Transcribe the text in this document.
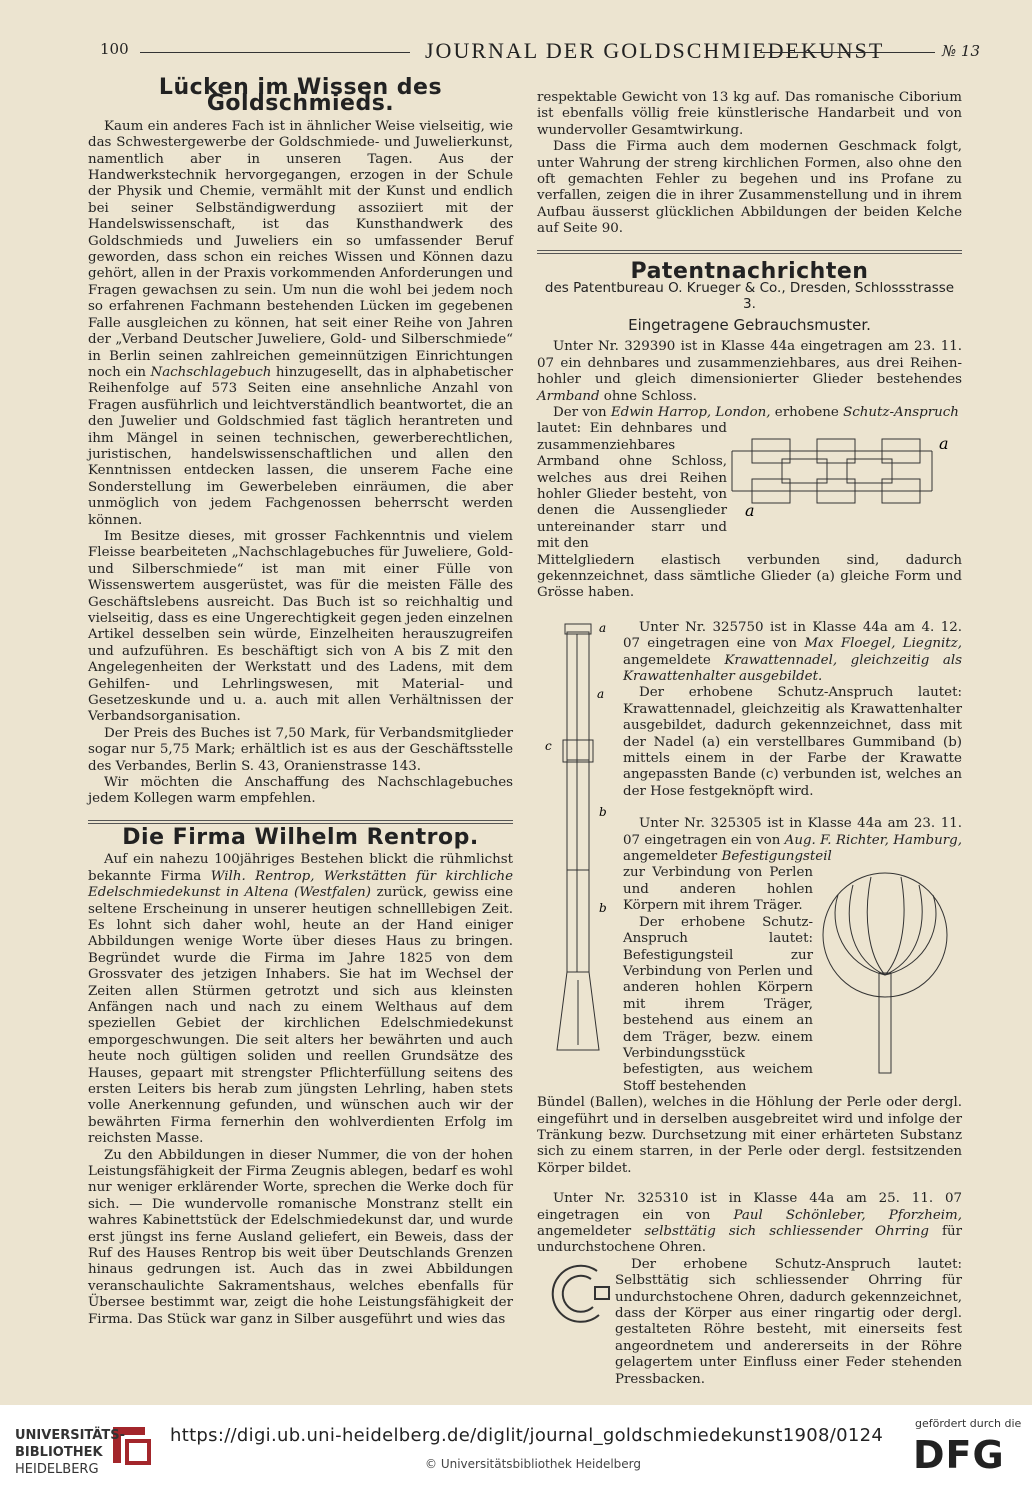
100	JOURNAL DER GOLDSCHMIEDEKUNST	№ 13
Lücken im Wissen des Goldschmieds.

Kaum ein anderes Fach ist in ähnlicher Weise vielseitig, wie das Schwestergewerbe der Goldschmiede- und Juwelierkunst, namentlich aber in unseren Tagen. Aus der Handwerkstechnik hervorgegangen, erzogen in der Schule der Physik und Chemie, vermählt mit der Kunst und endlich bei seiner Selbständigwerdung assoziiert mit der Handelswissenschaft, ist das Kunsthandwerk des Goldschmieds und Juweliers ein so umfassender Beruf geworden, dass schon ein reiches Wissen und Können dazu gehört, allen in der Praxis vorkommenden Anforderungen und Fragen gewachsen zu sein. Um nun die wohl bei jedem noch so erfahrenen Fachmann bestehenden Lücken im gegebenen Falle ausgleichen zu können, hat seit einer Reihe von Jahren der „Verband Deutscher Juweliere, Gold- und Silberschmiede“ in Berlin seinen zahlreichen gemeinnützigen Einrichtungen noch ein Nachschlagebuch hinzugesellt, das in alphabetischer Reihenfolge auf 573 Seiten eine ansehnliche Anzahl von Fragen ausführlich und leichtverständlich beantwortet, die an den Juwelier und Goldschmied fast täglich herantreten und ihm Mängel in seinen technischen, gewerberechtlichen, juristischen, handelswissenschaftlichen und allen den Kenntnissen entdecken lassen, die unserem Fache eine Sonderstellung im Gewerbeleben einräumen, die aber unmöglich von jedem Fachgenossen beherrscht werden können.

Im Besitze dieses, mit grosser Fachkenntnis und vielem Fleisse bearbeiteten „Nachschlagebuches für Juweliere, Gold- und Silberschmiede“ ist man mit einer Fülle von Wissenswertem ausgerüstet, was für die meisten Fälle des Geschäftslebens ausreicht. Das Buch ist so reichhaltig und vielseitig, dass es eine Ungerechtigkeit gegen jeden einzelnen Artikel desselben sein würde, Einzelheiten herauszugreifen und aufzuführen. Es beschäftigt sich von A bis Z mit den Angelegenheiten der Werkstatt und des Ladens, mit dem Gehilfen- und Lehrlingswesen, mit Material- und Gesetzeskunde und u. a. auch mit allen Verhältnissen der Verbandsorganisation.

Der Preis des Buches ist 7,50 Mark, für Verbandsmitglieder sogar nur 5,75 Mark; erhältlich ist es aus der Geschäftsstelle des Verbandes, Berlin S. 43, Oranienstrasse 143.

Wir möchten die Anschaffung des Nachschlagebuches jedem Kollegen warm empfehlen.

Die Firma Wilhelm Rentrop.

Auf ein nahezu 100jähriges Bestehen blickt die rühmlichst bekannte Firma Wilh. Rentrop, Werkstätten für kirchliche Edelschmiedekunst in Altena (Westfalen) zurück, gewiss eine seltene Erscheinung in unserer heutigen schnelllebigen Zeit. Es lohnt sich daher wohl, heute an der Hand einiger Abbildungen wenige Worte über dieses Haus zu bringen. Begründet wurde die Firma im Jahre 1825 von dem Grossvater des jetzigen Inhabers. Sie hat im Wechsel der Zeiten allen Stürmen getrotzt und sich aus kleinsten Anfängen nach und nach zu einem Welthaus auf dem speziellen Gebiet der kirchlichen Edelschmiedekunst emporgeschwungen. Die seit alters her bewährten und auch heute noch gültigen soliden und reellen Grundsätze des Hauses, gepaart mit strengster Pflichterfüllung seitens des ersten Leiters bis herab zum jüngsten Lehrling, haben stets volle Anerkennung gefunden, und wünschen auch wir der bewährten Firma fernerhin den wohlverdienten Erfolg im reichsten Masse.

Zu den Abbildungen in dieser Nummer, die von der hohen Leistungsfähigkeit der Firma Zeugnis ablegen, bedarf es wohl nur weniger erklärender Worte, sprechen die Werke doch für sich. — Die wundervolle romanische Monstranz stellt ein wahres Kabinettstück der Edelschmiedekunst dar, und wurde erst jüngst ins ferne Ausland geliefert, ein Beweis, dass der Ruf des Hauses Rentrop bis weit über Deutschlands Grenzen hinaus gedrungen ist. Auch das in zwei Abbildungen veranschaulichte Sakramentshaus, welches ebenfalls für Übersee bestimmt war, zeigt die hohe Leistungsfähigkeit der Firma. Das Stück war ganz in Silber ausgeführt und wies das

respektable Gewicht von 13 kg auf. Das romanische Ciborium ist ebenfalls völlig freie künstlerische Handarbeit und von wundervoller Gesamtwirkung.

Dass die Firma auch dem modernen Geschmack folgt, unter Wahrung der streng kirchlichen Formen, also ohne den oft gemachten Fehler zu begehen und ins Profane zu verfallen, zeigen die in ihrer Zusammenstellung und in ihrem Aufbau äusserst glücklichen Abbildungen der beiden Kelche auf Seite 90.

Patentnachrichten
des Patentbureau O. Krueger & Co., Dresden, Schlossstrasse 3.
Eingetragene Gebrauchsmuster.

Unter Nr. 329390 ist in Klasse 44a eingetragen am 23. 11. 07 ein dehnbares und zusammenziehbares, aus drei Reihen-hohler und gleich dimensionierter Glieder bestehendes Armband ohne Schloss.

Der von Edwin Harrop, London, erhobene Schutz-Anspruch

lautet: Ein dehnbares und zusammenziehbares Armband ohne Schloss, welches aus drei Reihen hohler Glieder besteht, von denen die Aussenglieder untereinander starr und mit den

a
a

Mittelgliedern elastisch verbunden sind, dadurch gekennzeichnet, dass sämtliche Glieder (a) gleiche Form und Grösse haben.

a
a
c
b
b

Unter Nr. 325750 ist in Klasse 44a am 4. 12. 07 eingetragen eine von Max Floegel, Liegnitz, angemeldete Krawattennadel, gleichzeitig als Krawattenhalter ausgebildet.

Der erhobene Schutz-Anspruch lautet: Krawattennadel, gleichzeitig als Krawattenhalter ausgebildet, dadurch gekennzeichnet, dass mit der Nadel (a) ein verstellbares Gummiband (b) mittels einem in der Farbe der Krawatte angepassten Bande (c) verbunden ist, welches an der Hose festgeknöpft wird.

Unter Nr. 325305 ist in Klasse 44a am 23. 11. 07 eingetragen ein von Aug. F. Richter, Hamburg, angemeldeter Befestigungsteil

zur Verbindung von Perlen und anderen hohlen Körpern mit ihrem Träger.

Der erhobene Schutz-Anspruch lautet: Befestigungsteil zur Verbindung von Perlen und anderen hohlen Körpern mit ihrem Träger, bestehend aus einem an dem Träger, bezw. einem Verbindungsstück befestigten, aus weichem Stoff bestehenden

Bündel (Ballen), welches in die Höhlung der Perle oder dergl. eingeführt und in derselben ausgebreitet wird und infolge der Tränkung bezw. Durchsetzung mit einer erhärteten Substanz sich zu einem starren, in der Perle oder dergl. festsitzenden Körper bildet.

Unter Nr. 325310 ist in Klasse 44a am 25. 11. 07 eingetragen ein von Paul Schönleber, Pforzheim, angemeldeter selbsttätig sich schliessender Ohrring für undurchstochene Ohren.

Der erhobene Schutz-Anspruch lautet: Selbsttätig sich schliessender Ohrring für undurchstochene Ohren, dadurch gekennzeichnet, dass der Körper aus einer ringartig oder dergl. gestalteten Röhre besteht, mit einerseits fest angeordnetem und andererseits in der Röhre gelagertem unter Einfluss einer Feder stehenden Pressbacken.

UNIVERSITÄTS-
BIBLIOTHEK
HEIDELBERG
https://digi.ub.uni-heidelberg.de/diglit/journal_goldschmiedekunst1908/0124
© Universitätsbibliothek Heidelberg
gefördert durch die
DFG
